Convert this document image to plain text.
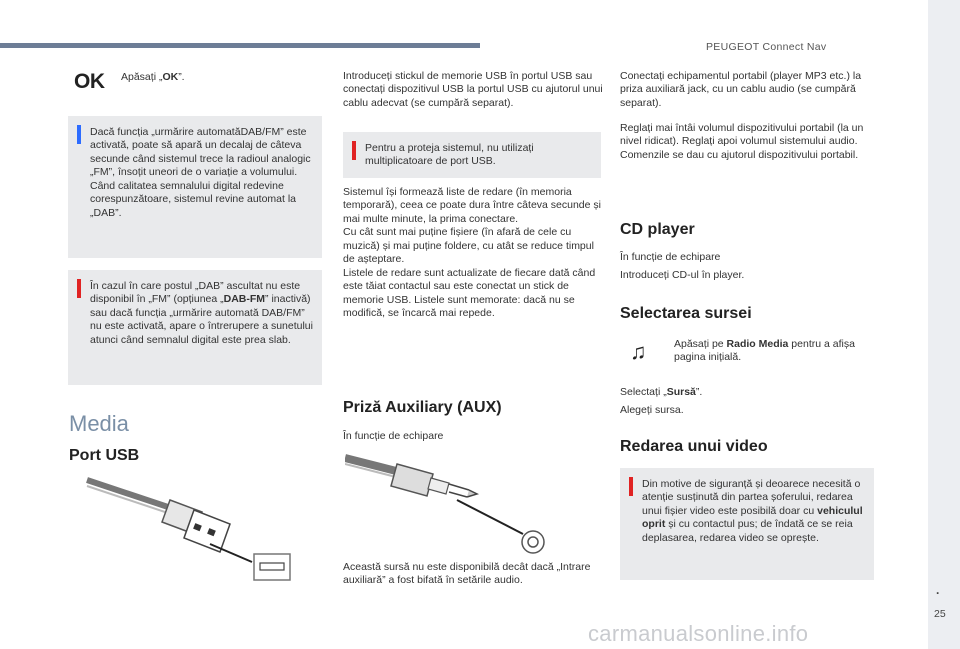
PEUGEOT Connect Nav
.
25
OK Apăsați „OK”.

Dacă funcția „urmărire automatăDAB/FM” este activată, poate să apară un decalaj de câteva secunde când sistemul trece la radioul analogic „FM”, însoțit uneori de o variație a volumului.
Când calitatea semnalului digital redevine corespunzătoare, sistemul revine automat la „DAB”.

În cazul în care postul „DAB” ascultat nu este disponibil în „FM” (opțiunea „DAB-FM” inactivă) sau dacă funcția „urmărire automată DAB/FM” nu este activată, apare o întrerupere a sunetului atunci când semnalul digital este prea slab.

Media
Port USB
Introduceți stickul de memorie USB în portul USB sau conectați dispozitivul USB la portul USB cu ajutorul unui cablu adecvat (se cumpără separat).

Pentru a proteja sistemul, nu utilizați multiplicatoare de port USB.

Sistemul își formează liste de redare (în memoria temporară), ceea ce poate dura între câteva secunde și mai multe minute, la prima conectare.
Cu cât sunt mai puține fișiere (în afară de cele cu muzică) și mai puține foldere, cu atât se reduce timpul de așteptare.
Listele de redare sunt actualizate de fiecare dată când este tăiat contactul sau este conectat un stick de memorie USB. Listele sunt memorate: dacă nu se modifică, se încarcă mai repede.
Priză Auxiliary (AUX)
În funcție de echipare
Această sursă nu este disponibilă decât dacă „Intrare auxiliară” a fost bifată în setările audio.
Conectați echipamentul portabil (player MP3 etc.) la priza auxiliară jack, cu un cablu audio (se cumpără separat).
Reglați mai întâi volumul dispozitivului portabil (la un nivel ridicat). Reglați apoi volumul sistemului audio.
Comenzile se dau cu ajutorul dispozitivului portabil.
CD player
În funcție de echipare
Introduceți CD-ul în player.
Selectarea sursei
♫	Apăsați pe Radio Media pentru a afișa pagina inițială.
Selectați „Sursă”.
Alegeți sursa.
Redarea unui video

Din motive de siguranță și deoarece necesită o atenție susținută din partea șoferului, redarea unui fișier video este posibilă doar cu vehiculul oprit și cu contactul pus; de îndată ce se reia deplasarea, redarea video se oprește.

carmanualsonline.info
